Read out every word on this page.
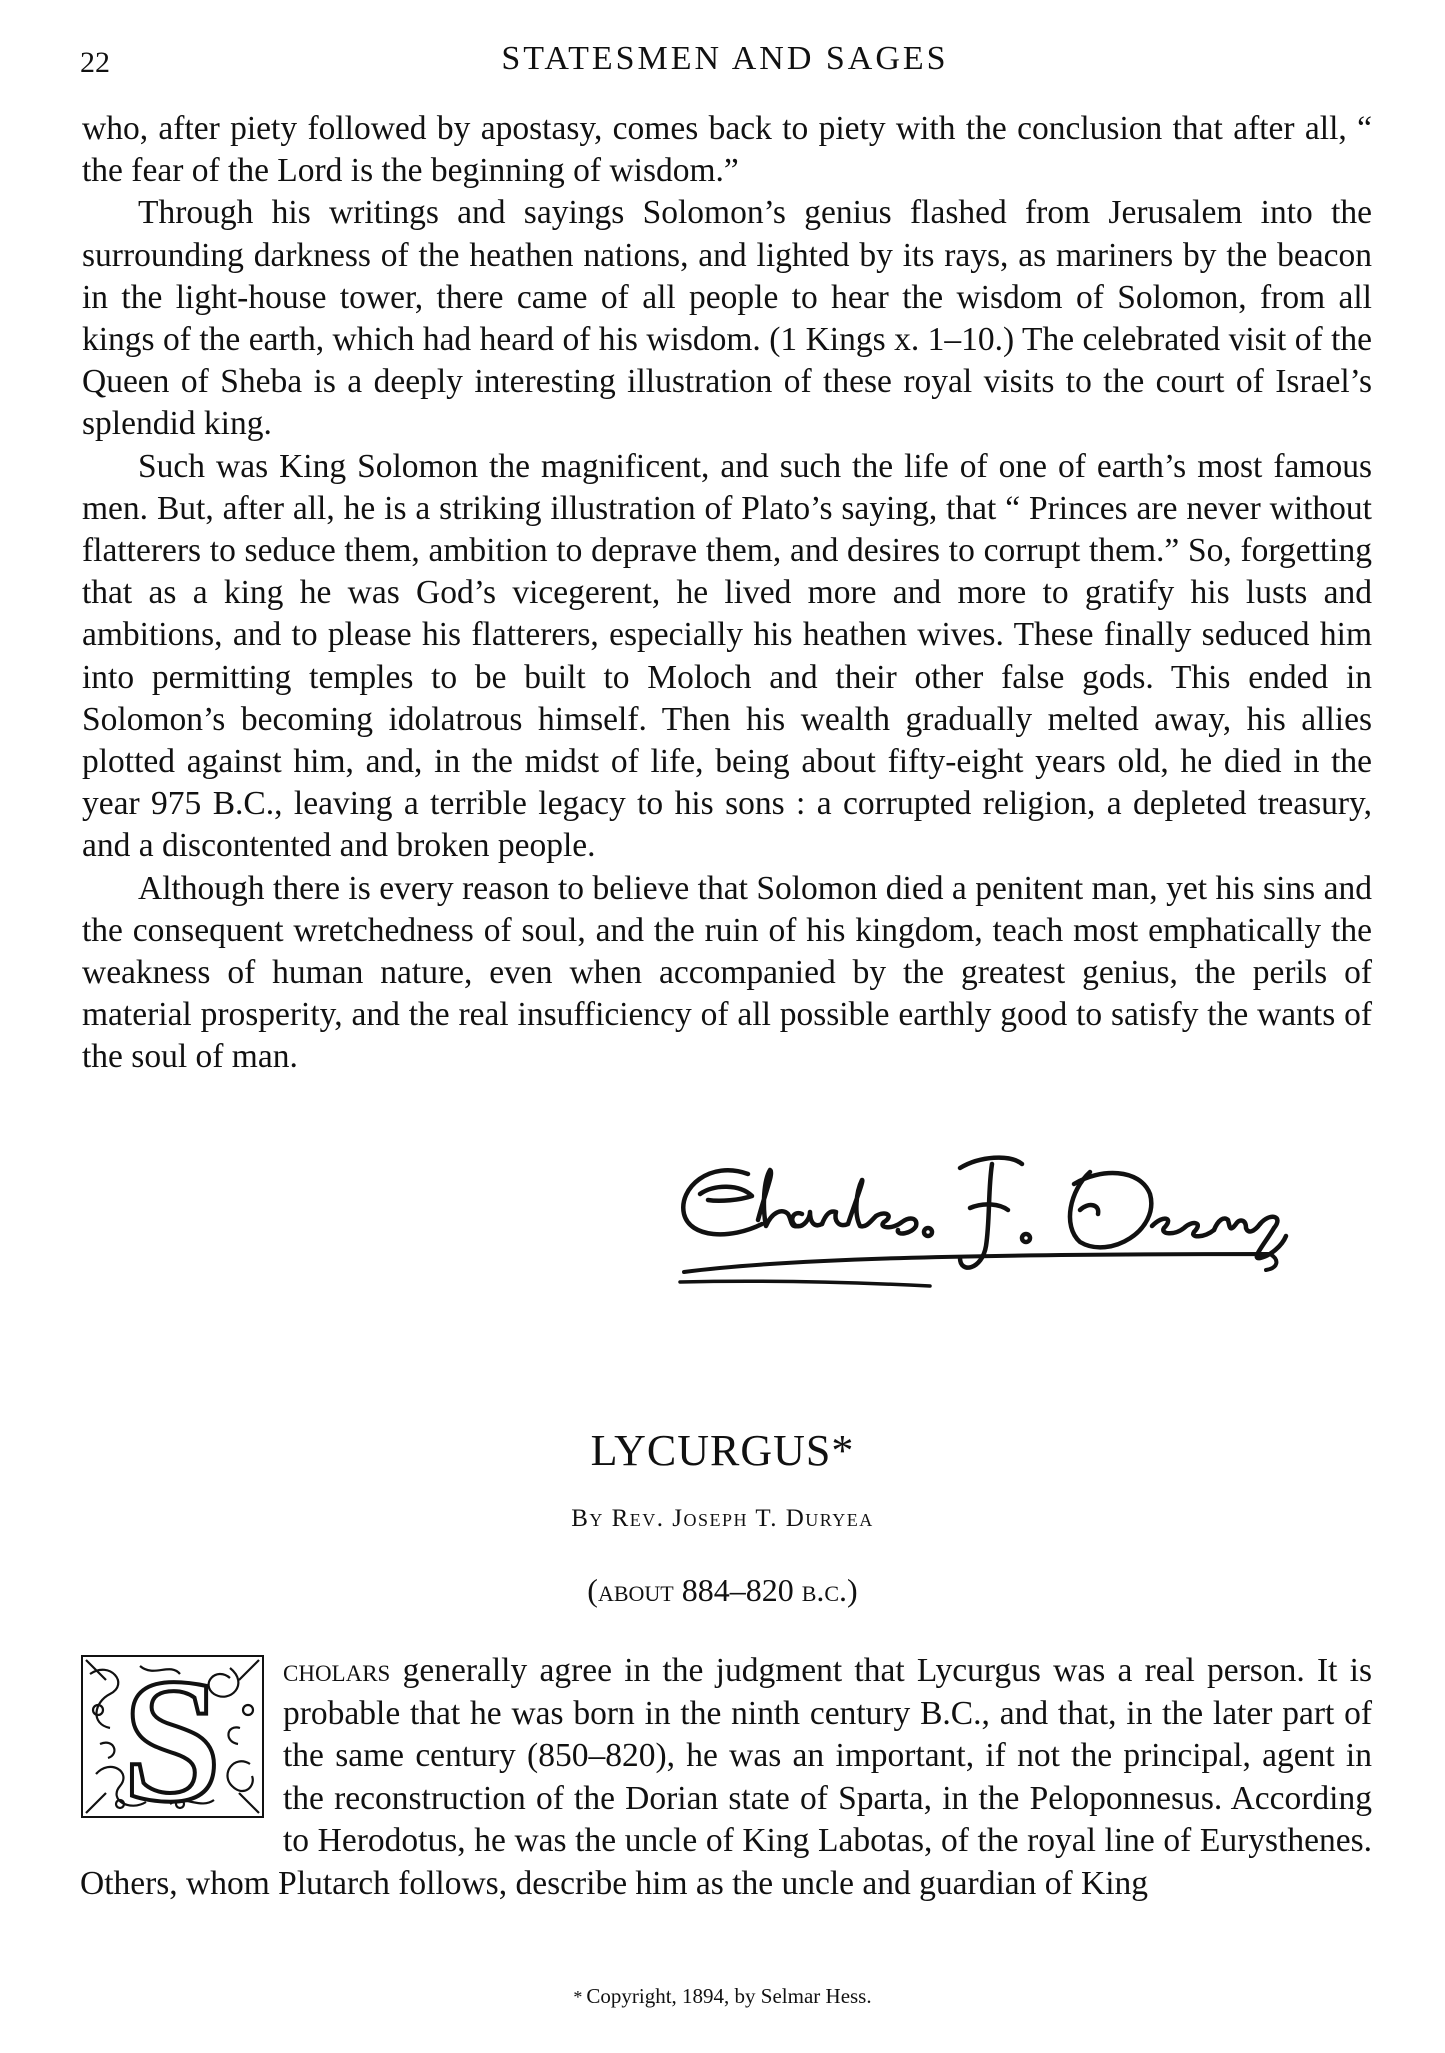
22	STATESMEN AND SAGES

who, after piety followed by apostasy, comes back to piety with the conclusion that after all, “ the fear of the Lord is the beginning of wisdom.”

Through his writings and sayings Solomon’s genius flashed from Jerusalem into the surrounding darkness of the heathen nations, and lighted by its rays, as mariners by the beacon in the light-house tower, there came of all people to hear the wisdom of Solomon, from all kings of the earth, which had heard of his wisdom. (1 Kings x. 1–10.) The celebrated visit of the Queen of Sheba is a deeply interesting illustration of these royal visits to the court of Israel’s splendid king.

Such was King Solomon the magnificent, and such the life of one of earth’s most famous men. But, after all, he is a striking illustration of Plato’s saying, that “ Princes are never without flatterers to seduce them, ambition to deprave them, and desires to corrupt them.” So, forgetting that as a king he was God’s vicegerent, he lived more and more to gratify his lusts and ambitions, and to please his flatterers, especially his heathen wives. These finally seduced him into permitting temples to be built to Moloch and their other false gods. This ended in Solomon’s becoming idolatrous himself. Then his wealth gradually melted away, his allies plotted against him, and, in the midst of life, being about fifty-eight years old, he died in the year 975 B.C., leaving a terrible legacy to his sons : a corrupted religion, a depleted treasury, and a discontented and broken people.

Although there is every reason to believe that Solomon died a penitent man, yet his sins and the consequent wretchedness of soul, and the ruin of his kingdom, teach most emphatically the weakness of human nature, even when accompanied by the greatest genius, the perils of material prosperity, and the real insufficiency of all possible earthly good to satisfy the wants of the soul of man.

LYCURGUS*
By Rev. Joseph T. Duryea
(about 884–820 b.c.)

S cholars generally agree in the judgment that Lycurgus was a real person. It is probable that he was born in the ninth century B.C., and that, in the later part of the same century (850–820), he was an important, if not the principal, agent in the reconstruction of the Dorian state of Sparta, in the Peloponnesus. According to Herodotus, he was the uncle of King Labotas, of the royal line of Eurysthenes. Others, whom Plutarch follows, describe him as the uncle and guardian of King

* Copyright, 1894, by Selmar Hess.
